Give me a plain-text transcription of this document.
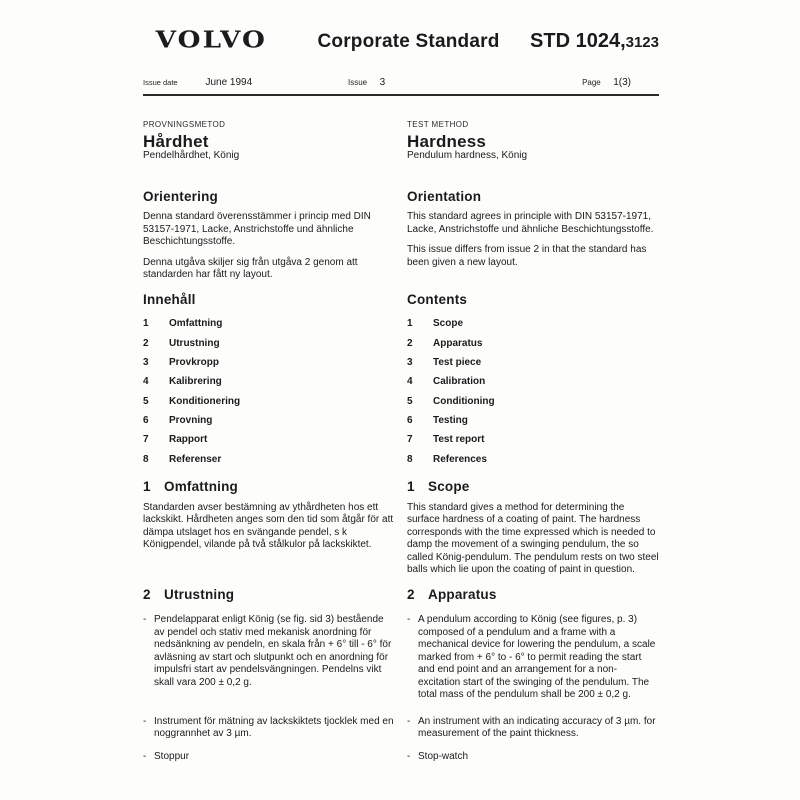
VOLVO	Corporate Standard	STD 1024,3123
Issue date	June 1994	Issue 3	Page 1(3)
PROVNINGSMETOD
Hårdhet
Pendelhårdhet, König
TEST METHOD
Hardness
Pendulum hardness, König
Orientering

Denna standard överensstämmer i princip med DIN 53157-1971, Lacke, Anstrichstoffe und ähnliche Beschichtungsstoffe.

Denna utgåva skiljer sig från utgåva 2 genom att standarden har fått ny layout.

Orientation

This standard agrees in principle with DIN 53157-1971, Lacke, Anstrichstoffe und ähnliche Beschichtungsstoffe.

This issue differs from issue 2 in that the standard has been given a new layout.

Innehåll
1	Omfattning
2	Utrustning
3	Provkropp
4	Kalibrering
5	Konditionering
6	Provning
7	Rapport
8	Referenser
Contents
1	Scope
2	Apparatus
3	Test piece
4	Calibration
5	Conditioning
6	Testing
7	Test report
8	References
1 Omfattning

Standarden avser bestämning av ythårdheten hos ett lackskikt. Hårdheten anges som den tid som åtgår för att dämpa utslaget hos en svängande pendel, s k Königpendel, vilande på två stålkulor på lackskiktet.

1 Scope

This standard gives a method for determining the surface hardness of a coating of paint. The hardness corresponds with the time expressed which is needed to damp the movement of a swinging pendulum, the so called König-pendulum. The pendulum rests on two steel balls which lie upon the coating of paint in question.

2 Utrustning	2 Apparatus
- Pendelapparat enligt König (se fig. sid 3) bestående av pendel och stativ med mekanisk anordning för nedsänkning av pendeln, en skala från + 6° till - 6° för avläsning av start och slutpunkt och en anordning för impulsfri start av pendelsvängningen. Pendelns vikt skall vara 200 ± 0,2 g.
- A pendulum according to König (see figures, p. 3) composed of a pendulum and a frame with a mechanical device for lowering the pendulum, a scale marked from + 6° to - 6° to permit reading the start and end point and an arrangement for a non-excitation start of the swinging of the pendulum. The total mass of the pendulum shall be 200 ± 0,2 g.
- Instrument för mätning av lackskiktets tjocklek med en noggrannhet av 3 µm.
- An instrument with an indicating accuracy of 3 µm. for measurement of the paint thickness.
- Stoppur	- Stop-watch
